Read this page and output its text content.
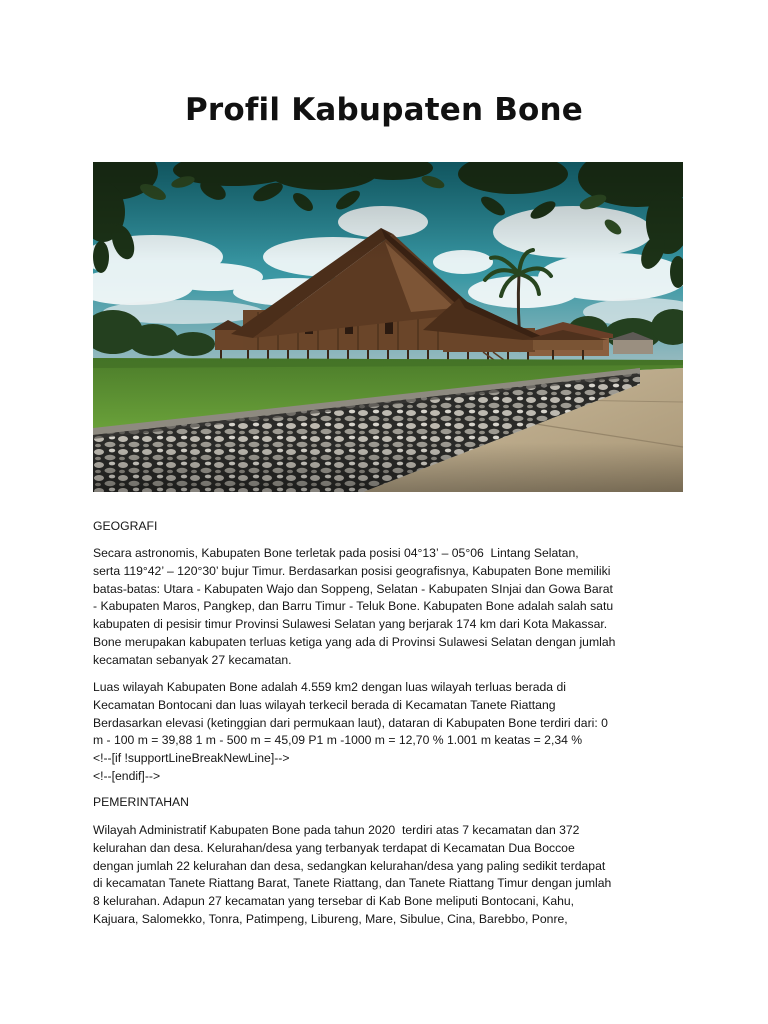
Profil Kabupaten Bone
GEOGRAFI
Secara astronomis, Kabupaten Bone terletak pada posisi 04°13’ – 05°06  Lintang Selatan,
serta 119°42’ – 120°30’ bujur Timur. Berdasarkan posisi geografisnya, Kabupaten Bone memiliki
batas-batas: Utara - Kabupaten Wajo dan Soppeng, Selatan - Kabupaten SInjai dan Gowa Barat
- Kabupaten Maros, Pangkep, dan Barru Timur - Teluk Bone. Kabupaten Bone adalah salah satu
kabupaten di pesisir timur Provinsi Sulawesi Selatan yang berjarak 174 km dari Kota Makassar.
Bone merupakan kabupaten terluas ketiga yang ada di Provinsi Sulawesi Selatan dengan jumlah
kecamatan sebanyak 27 kecamatan.
Luas wilayah Kabupaten Bone adalah 4.559 km2 dengan luas wilayah terluas berada di
Kecamatan Bontocani dan luas wilayah terkecil berada di Kecamatan Tanete Riattang
Berdasarkan elevasi (ketinggian dari permukaan laut), dataran di Kabupaten Bone terdiri dari: 0
m - 100 m = 39,88 1 m - 500 m = 45,09 P1 m -1000 m = 12,70 % 1.001 m keatas = 2,34 %
<!--[if !supportLineBreakNewLine]-->
<!--[endif]-->
PEMERINTAHAN
Wilayah Administratif Kabupaten Bone pada tahun 2020  terdiri atas 7 kecamatan dan 372
kelurahan dan desa. Kelurahan/desa yang terbanyak terdapat di Kecamatan Dua Boccoe
dengan jumlah 22 kelurahan dan desa, sedangkan kelurahan/desa yang paling sedikit terdapat
di kecamatan Tanete Riattang Barat, Tanete Riattang, dan Tanete Riattang Timur dengan jumlah
8 kelurahan. Adapun 27 kecamatan yang tersebar di Kab Bone meliputi Bontocani, Kahu,
Kajuara, Salomekko, Tonra, Patimpeng, Libureng, Mare, Sibulue, Cina, Barebbo, Ponre,
